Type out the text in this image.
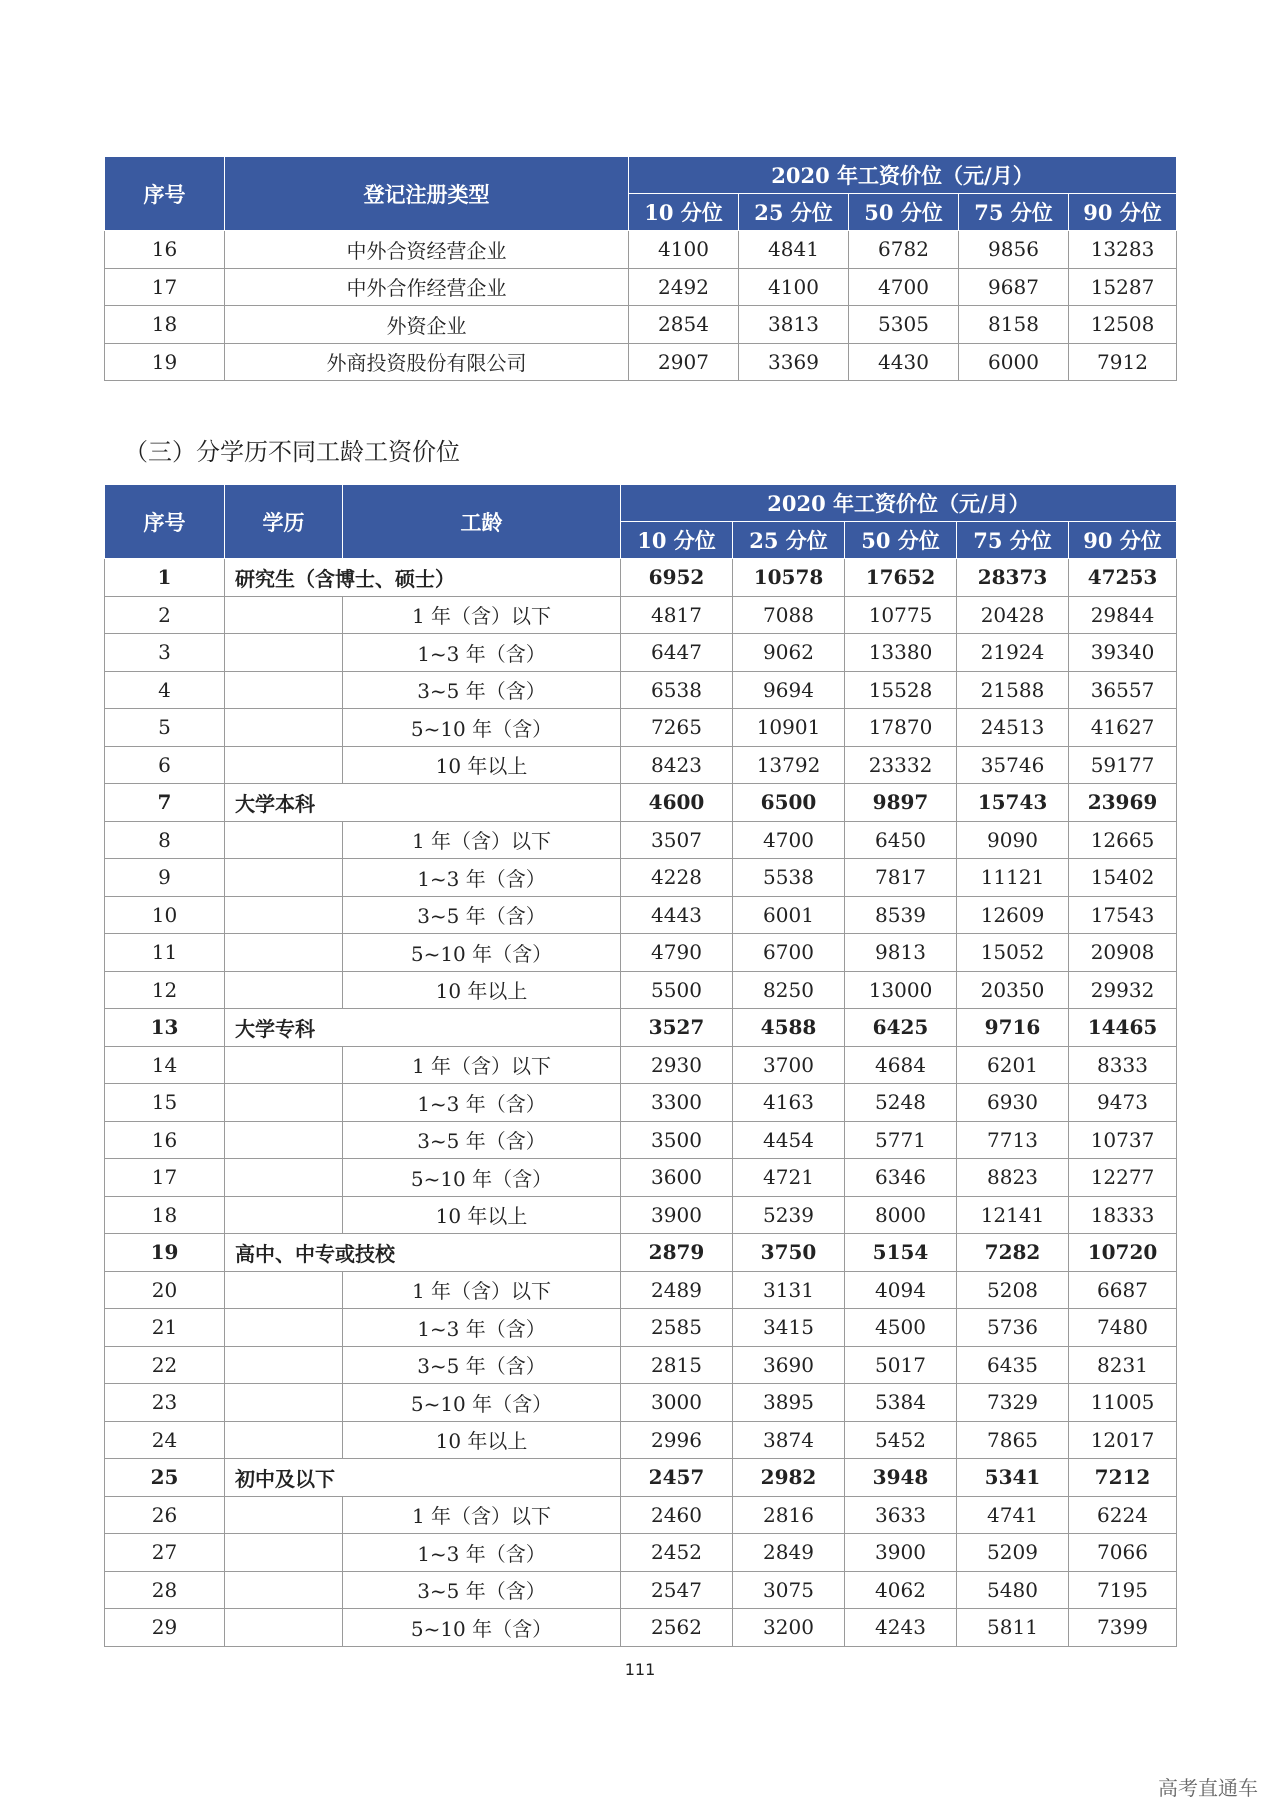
序号	登记注册类型	2020 年工资价位（元/月）				
		10 分位	25 分位	50 分位	75 分位	90 分位
16	中外合资经营企业	4100	4841	6782	9856	13283
17	中外合作经营企业	2492	4100	4700	9687	15287
18	外资企业	2854	3813	5305	8158	12508
19	外商投资股份有限公司	2907	3369	4430	6000	7912
（三）分学历不同工龄工资价位
序号	学历	工龄	2020 年工资价位（元/月）				
			10 分位	25 分位	50 分位	75 分位	90 分位
1	研究生（含博士、硕士）		6952	10578	17652	28373	47253
2		1 年（含）以下	4817	7088	10775	20428	29844
3		1~3 年（含）	6447	9062	13380	21924	39340
4		3~5 年（含）	6538	9694	15528	21588	36557
5		5~10 年（含）	7265	10901	17870	24513	41627
6		10 年以上	8423	13792	23332	35746	59177
7	大学本科		4600	6500	9897	15743	23969
8		1 年（含）以下	3507	4700	6450	9090	12665
9		1~3 年（含）	4228	5538	7817	11121	15402
10		3~5 年（含）	4443	6001	8539	12609	17543
11		5~10 年（含）	4790	6700	9813	15052	20908
12		10 年以上	5500	8250	13000	20350	29932
13	大学专科		3527	4588	6425	9716	14465
14		1 年（含）以下	2930	3700	4684	6201	8333
15		1~3 年（含）	3300	4163	5248	6930	9473
16		3~5 年（含）	3500	4454	5771	7713	10737
17		5~10 年（含）	3600	4721	6346	8823	12277
18		10 年以上	3900	5239	8000	12141	18333
19	高中、中专或技校		2879	3750	5154	7282	10720
20		1 年（含）以下	2489	3131	4094	5208	6687
21		1~3 年（含）	2585	3415	4500	5736	7480
22		3~5 年（含）	2815	3690	5017	6435	8231
23		5~10 年（含）	3000	3895	5384	7329	11005
24		10 年以上	2996	3874	5452	7865	12017
25	初中及以下		2457	2982	3948	5341	7212
26		1 年（含）以下	2460	2816	3633	4741	6224
27		1~3 年（含）	2452	2849	3900	5209	7066
28		3~5 年（含）	2547	3075	4062	5480	7195
29		5~10 年（含）	2562	3200	4243	5811	7399
111
高考直通车
